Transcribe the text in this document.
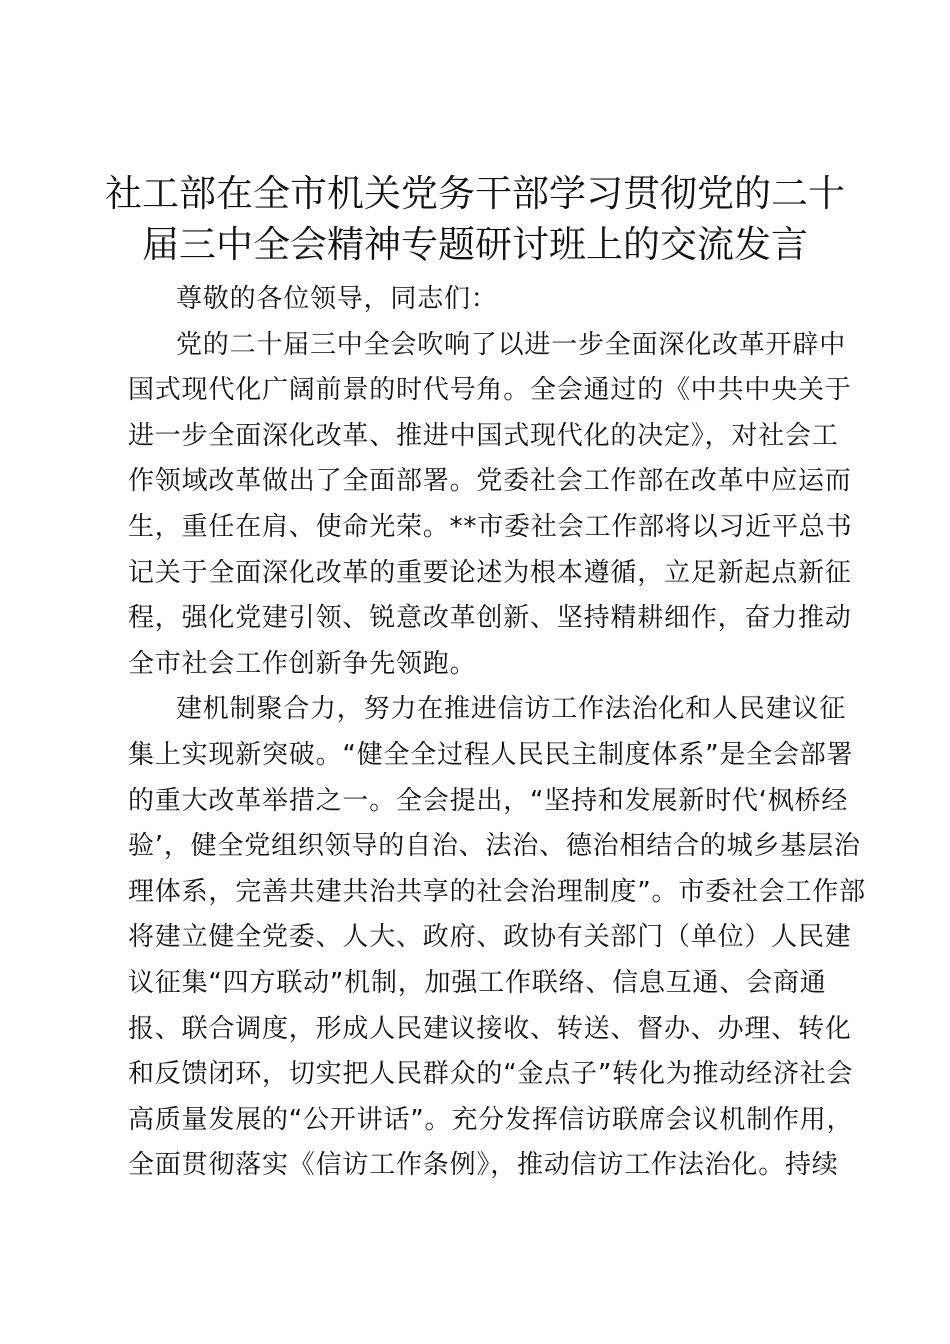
社工部在全市机关党务干部学习贯彻党的二十
届三中全会精神专题研讨班上的交流发言
尊敬的各位领导，同志们：
党的二十届三中全会吹响了以进一步全面深化改革开辟中
国式现代化广阔前景的时代号角。全会通过的《中共中央关于
进一步全面深化改革、推进中国式现代化的决定》，对社会工
作领域改革做出了全面部署。党委社会工作部在改革中应运而
生，重任在肩、使命光荣。**市委社会工作部将以习近平总书
记关于全面深化改革的重要论述为根本遵循，立足新起点新征
程，强化党建引领、锐意改革创新、坚持精耕细作，奋力推动
全市社会工作创新争先领跑。
建机制聚合力，努力在推进信访工作法治化和人民建议征
集上实现新突破。“健全全过程人民民主制度体系”是全会部署
的重大改革举措之一。全会提出，“坚持和发展新时代‘枫桥经
验’，健全党组织领导的自治、法治、德治相结合的城乡基层治
理体系，完善共建共治共享的社会治理制度”。市委社会工作部
将建立健全党委、人大、政府、政协有关部门（单位）人民建
议征集“四方联动”机制，加强工作联络、信息互通、会商通
报、联合调度，形成人民建议接收、转送、督办、办理、转化
和反馈闭环，切实把人民群众的“金点子”转化为推动经济社会
高质量发展的“公开讲话”。充分发挥信访联席会议机制作用，
全面贯彻落实《信访工作条例》，推动信访工作法治化。持续
